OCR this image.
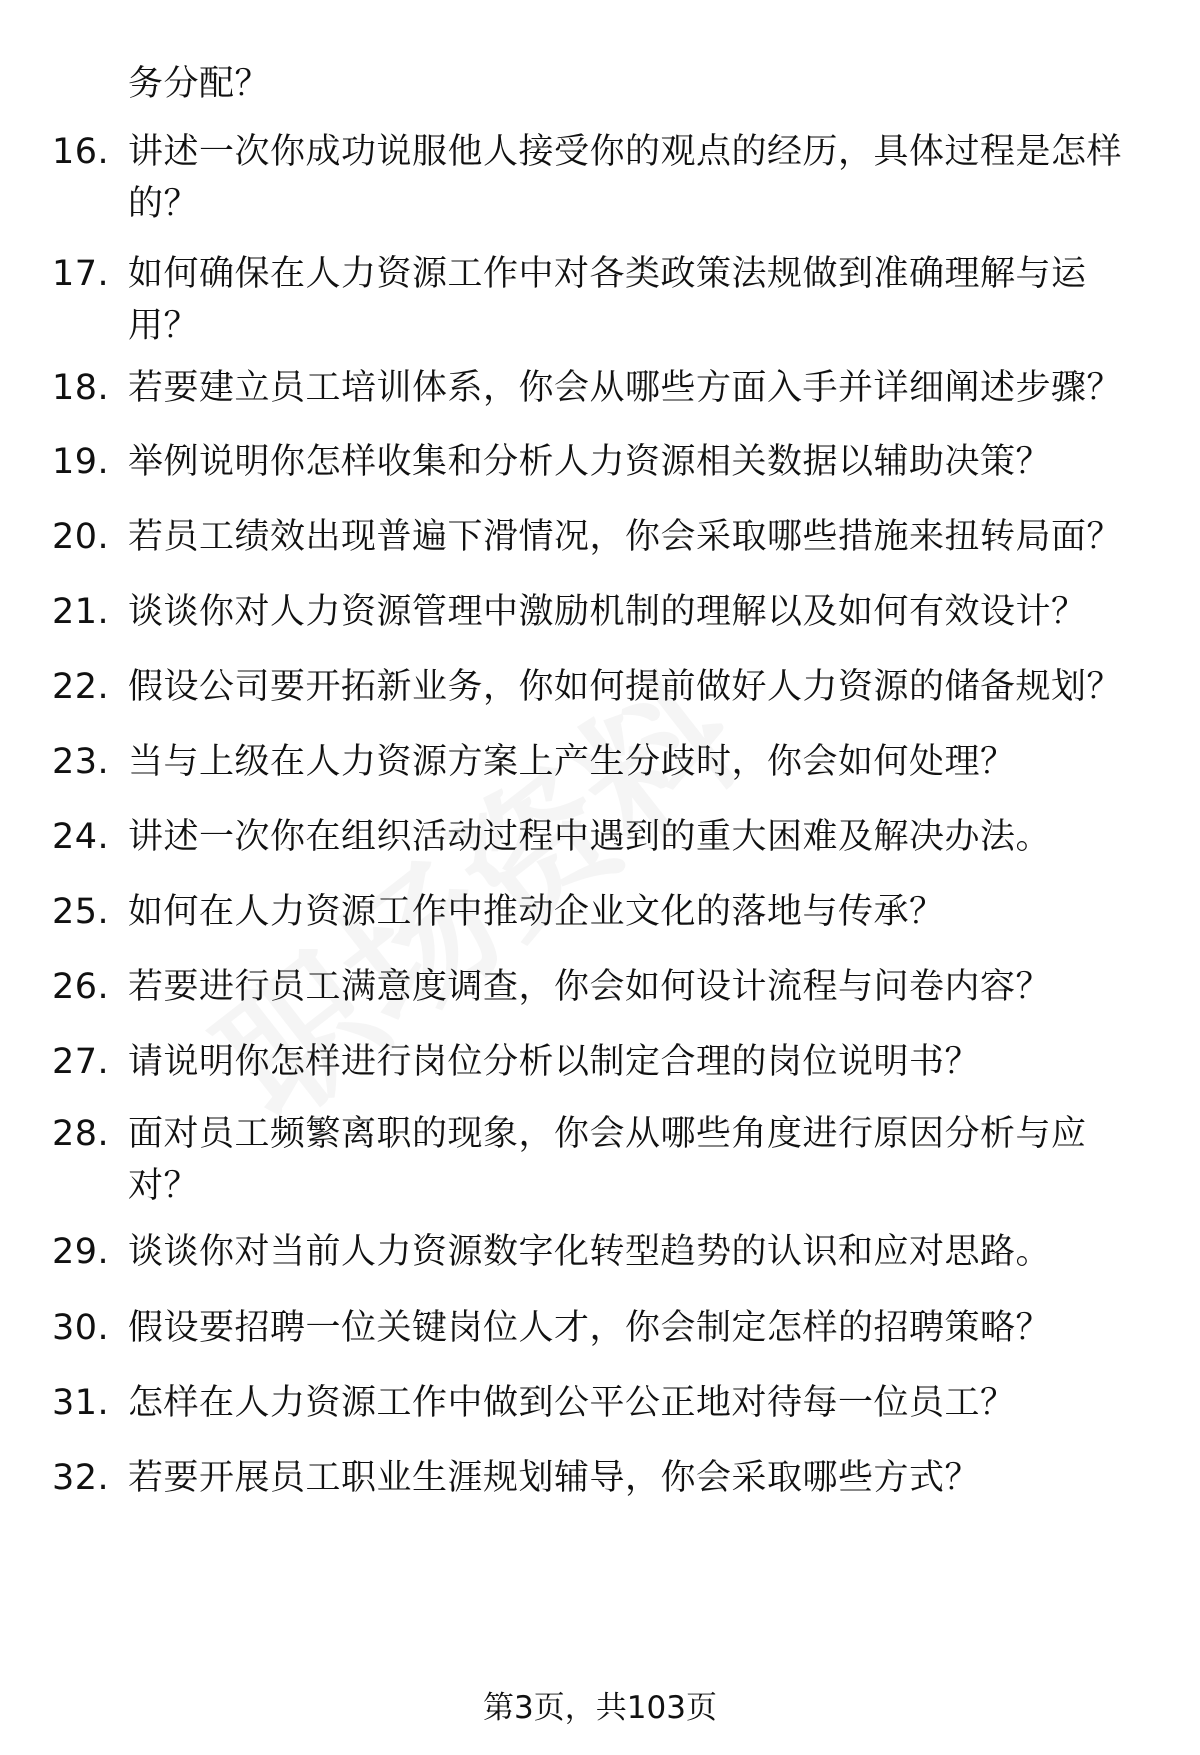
务分配？
16. 讲述一次你成功说服他人接受你的观点的经历，具体过程是怎样
的？
17. 如何确保在人力资源工作中对各类政策法规做到准确理解与运
用？
18. 若要建立员工培训体系，你会从哪些方面入手并详细阐述步骤？
19. 举例说明你怎样收集和分析人力资源相关数据以辅助决策？
20. 若员工绩效出现普遍下滑情况，你会采取哪些措施来扭转局面？
21. 谈谈你对人力资源管理中激励机制的理解以及如何有效设计？
22. 假设公司要开拓新业务，你如何提前做好人力资源的储备规划？
23. 当与上级在人力资源方案上产生分歧时，你会如何处理？
24. 讲述一次你在组织活动过程中遇到的重大困难及解决办法。
25. 如何在人力资源工作中推动企业文化的落地与传承？
26. 若要进行员工满意度调查，你会如何设计流程与问卷内容？
27. 请说明你怎样进行岗位分析以制定合理的岗位说明书？
28. 面对员工频繁离职的现象，你会从哪些角度进行原因分析与应
对？
29. 谈谈你对当前人力资源数字化转型趋势的认识和应对思路。
30. 假设要招聘一位关键岗位人才，你会制定怎样的招聘策略？
31. 怎样在人力资源工作中做到公平公正地对待每一位员工？
32. 若要开展员工职业生涯规划辅导，你会采取哪些方式？
第3页，共103页
